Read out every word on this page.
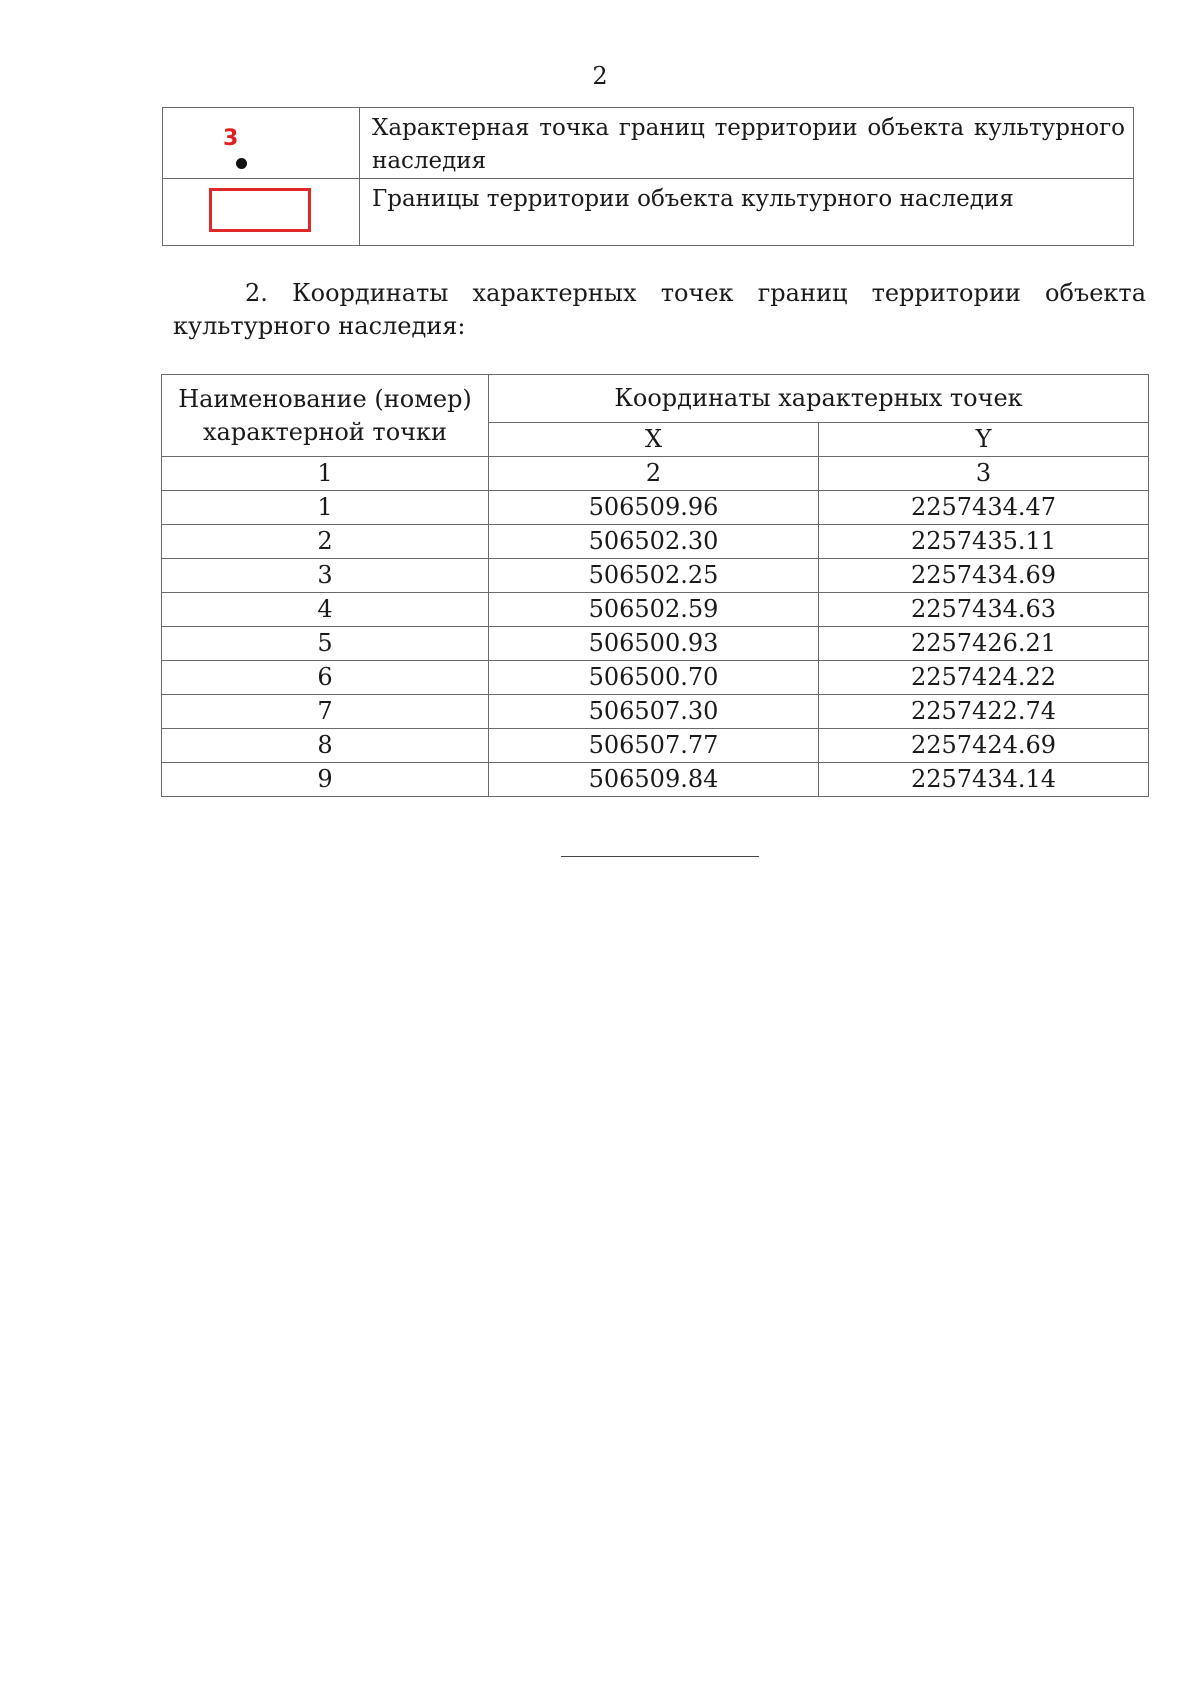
2
3	Характерная точка границ территории объекта культурного наследия

	Границы территории объекта культурного наследия
2. Координаты характерных точек границ территории объекта
культурного наследия:
Наименование (номер) характерной точки	Координаты характерных точек	
	X	Y
1	2	3
1	506509.96	2257434.47
2	506502.30	2257435.11
3	506502.25	2257434.69
4	506502.59	2257434.63
5	506500.93	2257426.21
6	506500.70	2257424.22
7	506507.30	2257422.74
8	506507.77	2257424.69
9	506509.84	2257434.14
